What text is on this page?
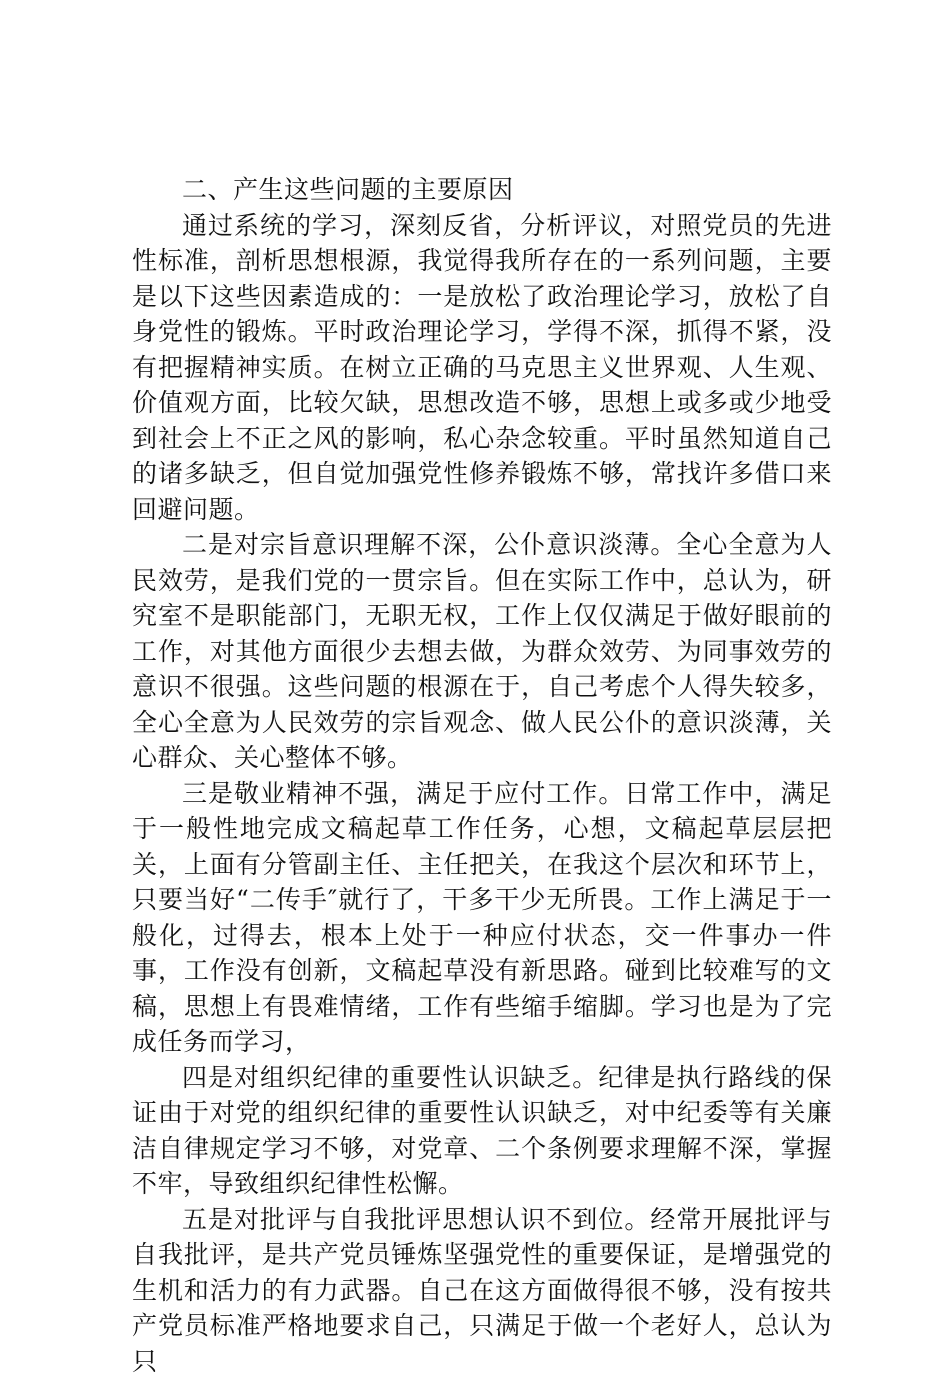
二、产生这些问题的主要原因

通过系统的学习，深刻反省，分析评议，对照党员的先进性标准，剖析思想根源，我觉得我所存在的一系列问题，主要是以下这些因素造成的：一是放松了政治理论学习，放松了自身党性的锻炼。平时政治理论学习，学得不深，抓得不紧，没有把握精神实质。在树立正确的马克思主义世界观、人生观、价值观方面，比较欠缺，思想改造不够，思想上或多或少地受到社会上不正之风的影响，私心杂念较重。平时虽然知道自己的诸多缺乏，但自觉加强党性修养锻炼不够，常找许多借口来回避问题。

二是对宗旨意识理解不深，公仆意识淡薄。全心全意为人民效劳，是我们党的一贯宗旨。但在实际工作中，总认为，研究室不是职能部门，无职无权，工作上仅仅满足于做好眼前的工作，对其他方面很少去想去做，为群众效劳、为同事效劳的意识不很强。这些问题的根源在于，自己考虑个人得失较多，全心全意为人民效劳的宗旨观念、做人民公仆的意识淡薄，关心群众、关心整体不够。

三是敬业精神不强，满足于应付工作。日常工作中，满足于一般性地完成文稿起草工作任务，心想，文稿起草层层把关，上面有分管副主任、主任把关，在我这个层次和环节上，只要当好“二传手″就行了，干多干少无所畏。工作上满足于一般化，过得去，根本上处于一种应付状态，交一件事办一件事，工作没有创新，文稿起草没有新思路。碰到比较难写的文稿，思想上有畏难情绪，工作有些缩手缩脚。学习也是为了完成任务而学习，

四是对组织纪律的重要性认识缺乏。纪律是执行路线的保证由于对党的组织纪律的重要性认识缺乏，对中纪委等有关廉洁自律规定学习不够，对党章、二个条例要求理解不深，掌握不牢，导致组织纪律性松懈。

五是对批评与自我批评思想认识不到位。经常开展批评与自我批评，是共产党员锤炼坚强党性的重要保证，是增强党的生机和活力的有力武器。自己在这方面做得很不够，没有按共产党员标准严格地要求自己，只满足于做一个老好人，总认为只
